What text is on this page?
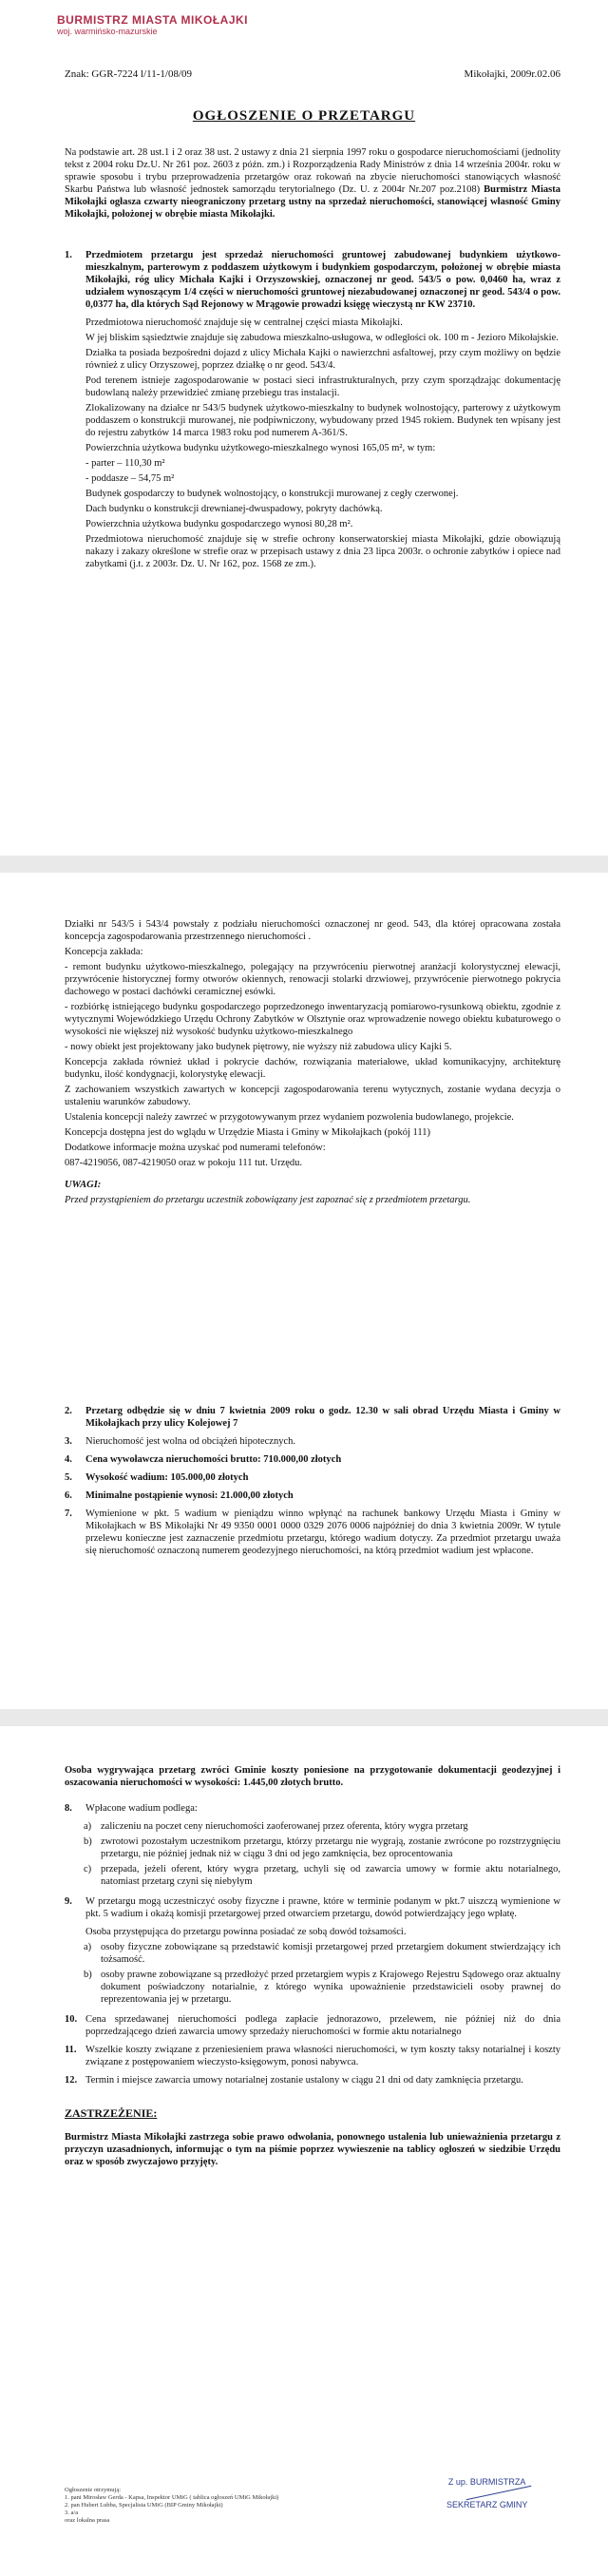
BURMISTRZ MIASTA MIKOŁAJKI
woj. warmińsko-mazurskie
Znak: GGR-7224 l/11-1/08/09	Mikołajki, 2009r.02.06
OGŁOSZENIE O PRZETARGU

Na podstawie art. 28 ust.1 i 2 oraz 38 ust. 2 ustawy z dnia 21 sierpnia 1997 roku o gospodarce nieruchomościami (jednolity tekst z 2004 roku Dz.U. Nr 261 poz. 2603 z późn. zm.) i Rozporządzenia Rady Ministrów z dnia 14 września 2004r. roku w sprawie sposobu i trybu przeprowadzenia przetargów oraz rokowań na zbycie nieruchomości stanowiących własność Skarbu Państwa lub własność jednostek samorządu terytorialnego (Dz. U. z 2004r Nr.207 poz.2108) Burmistrz Miasta Mikołajki ogłasza czwarty nieograniczony przetarg ustny na sprzedaż nieruchomości, stanowiącej własność Gminy Mikołajki, położonej w obrębie miasta Mikołajki.

1.	Przedmiotem przetargu jest sprzedaż nieruchomości gruntowej zabudowanej budynkiem użytkowo-mieszkalnym, parterowym z poddaszem użytkowym i budynkiem gospodarczym, położonej w obrębie miasta Mikołajki, róg ulicy Michała Kajki i Orzyszowskiej, oznaczonej nr geod. 543/5 o pow. 0,0460 ha, wraz z udziałem wynoszącym 1/4 części w nieruchomości gruntowej niezabudowanej oznaczonej nr geod. 543/4 o pow. 0,0377 ha, dla których Sąd Rejonowy w Mrągowie prowadzi księgę wieczystą nr KW 23710.

Przedmiotowa nieruchomość znajduje się w centralnej części miasta Mikołajki.

W jej bliskim sąsiedztwie znajduje się zabudowa mieszkalno-usługowa, w odległości ok. 100 m - Jezioro Mikołajskie.

Działka ta posiada bezpośredni dojazd z ulicy Michała Kajki o nawierzchni asfaltowej, przy czym możliwy on będzie również z ulicy Orzyszowej, poprzez działkę o nr geod. 543/4.

Pod terenem istnieje zagospodarowanie w postaci sieci infrastrukturalnych, przy czym sporządzając dokumentację budowlaną należy przewidzieć zmianę przebiegu tras instalacji.

Zlokalizowany na działce nr 543/5 budynek użytkowo-mieszkalny to budynek wolnostojący, parterowy z użytkowym poddaszem o konstrukcji murowanej, nie podpiwniczony, wybudowany przed 1945 rokiem. Budynek ten wpisany jest do rejestru zabytków 14 marca 1983 roku pod numerem A-361/S.

Powierzchnia użytkowa budynku użytkowego-mieszkalnego wynosi 165,05 m², w tym:

- parter – 110,30 m²

- poddasze – 54,75 m²

Budynek gospodarczy to budynek wolnostojący, o konstrukcji murowanej z cegły czerwonej.

Dach budynku o konstrukcji drewnianej-dwuspadowy, pokryty dachówką.

Powierzchnia użytkowa budynku gospodarczego wynosi 80,28 m².

Przedmiotowa nieruchomość znajduje się w strefie ochrony konserwatorskiej miasta Mikołajki, gdzie obowiązują nakazy i zakazy określone w strefie oraz w przepisach ustawy z dnia 23 lipca 2003r. o ochronie zabytków i opiece nad zabytkami (j.t. z 2003r. Dz. U. Nr 162, poz. 1568 ze zm.).

Działki nr 543/5 i 543/4 powstały z podziału nieruchomości oznaczonej nr geod. 543, dla której opracowana została koncepcja zagospodarowania przestrzennego nieruchomości .

Koncepcja zakłada:

- remont budynku użytkowo-mieszkalnego, polegający na przywróceniu pierwotnej aranżacji kolorystycznej elewacji, przywrócenie historycznej formy otworów okiennych, renowacji stolarki drzwiowej, przywrócenie pierwotnego pokrycia dachowego w postaci dachówki ceramicznej esówki.

- rozbiórkę istniejącego budynku gospodarczego poprzedzonego inwentaryzacją pomiarowo-rysunkową obiektu, zgodnie z wytycznymi Wojewódzkiego Urzędu Ochrony Zabytków w Olsztynie oraz wprowadzenie nowego obiektu kubaturowego o wysokości nie większej niż wysokość budynku użytkowo-mieszkalnego

- nowy obiekt jest projektowany jako budynek piętrowy, nie wyższy niż zabudowa ulicy Kajki 5.

Koncepcja zakłada również układ i pokrycie dachów, rozwiązania materiałowe, układ komunikacyjny, architekturę budynku, ilość kondygnacji, kolorystykę elewacji.

Z zachowaniem wszystkich zawartych w koncepcji zagospodarowania terenu wytycznych, zostanie wydana decyzja o ustaleniu warunków zabudowy.

Ustalenia koncepcji należy zawrzeć w przygotowywanym przez wydaniem pozwolenia budowlanego, projekcie.

Koncepcja dostępna jest do wglądu w Urzędzie Miasta i Gminy w Mikołajkach (pokój 111)

Dodatkowe informacje można uzyskać pod numerami telefonów:

087-4219056, 087-4219050 oraz w pokoju 111 tut. Urzędu.

UWAGI:

Przed przystąpieniem do przetargu uczestnik zobowiązany jest zapoznać się z przedmiotem przetargu.

2.	Przetarg odbędzie się w dniu 7 kwietnia 2009 roku o godz. 12.30 w sali obrad Urzędu Miasta i Gminy w Mikołajkach przy ulicy Kolejowej 7
3.	Nieruchomość jest wolna od obciążeń hipotecznych.
4.	Cena wywoławcza nieruchomości brutto: 710.000,00 złotych
5.	Wysokość wadium: 105.000,00 złotych
6.	Minimalne postąpienie wynosi: 21.000,00 złotych
7.	Wymienione w pkt. 5 wadium w pieniądzu winno wpłynąć na rachunek bankowy Urzędu Miasta i Gminy w Mikołajkach w BS Mikołajki Nr 49 9350 0001 0000 0329 2076 0006 najpóźniej do dnia 3 kwietnia 2009r. W tytule przelewu konieczne jest zaznaczenie przedmiotu przetargu, którego wadium dotyczy. Za przedmiot przetargu uważa się nieruchomość oznaczoną numerem geodezyjnego nieruchomości, na którą przedmiot wadium jest wpłacone.

Osoba wygrywająca przetarg zwróci Gminie koszty poniesione na przygotowanie dokumentacji geodezyjnej i oszacowania nieruchomości w wysokości: 1.445,00 złotych brutto.

8.	Wpłacone wadium podlega:
a) zaliczeniu na poczet ceny nieruchomości zaoferowanej przez oferenta, który wygra przetarg
b) zwrotowi pozostałym uczestnikom przetargu, którzy przetargu nie wygrają, zostanie zwrócone po rozstrzygnięciu przetargu, nie później jednak niż w ciągu 3 dni od jego zamknięcia, bez oprocentowania
c) przepada, jeżeli oferent, który wygra przetarg, uchyli się od zawarcia umowy w formie aktu notarialnego, natomiast przetarg czyni się niebyłym
9.	W przetargu mogą uczestniczyć osoby fizyczne i prawne, które w terminie podanym w pkt.7 uiszczą wymienione w pkt. 5 wadium i okażą komisji przetargowej przed otwarciem przetargu, dowód potwierdzający jego wpłatę.

Osoba przystępująca do przetargu powinna posiadać ze sobą dowód tożsamości.

a) osoby fizyczne zobowiązane są przedstawić komisji przetargowej przed przetargiem dokument stwierdzający ich tożsamość.
b) osoby prawne zobowiązane są przedłożyć przed przetargiem wypis z Krajowego Rejestru Sądowego oraz aktualny dokument poświadczony notarialnie, z którego wynika upoważnienie przedstawicieli osoby prawnej do reprezentowania jej w przetargu.
10. Cena sprzedawanej nieruchomości podlega zapłacie jednorazowo, przelewem, nie później niż do dnia poprzedzającego dzień zawarcia umowy sprzedaży nieruchomości w formie aktu notarialnego
11. Wszelkie koszty związane z przeniesieniem prawa własności nieruchomości, w tym koszty taksy notarialnej i koszty związane z postępowaniem wieczysto-księgowym, ponosi nabywca.
12. Termin i miejsce zawarcia umowy notarialnej zostanie ustalony w ciągu 21 dni od daty zamknięcia przetargu.

ZASTRZEŻENIE:

Burmistrz Miasta Mikołajki zastrzega sobie prawo odwołania, ponownego ustalenia lub unieważnienia przetargu z przyczyn uzasadnionych, informując o tym na piśmie poprzez wywieszenie na tablicy ogłoszeń w siedzibie Urzędu oraz w sposób zwyczajowo przyjęty.

Ogłoszenie otrzymują:
1. pani Mirosław Gerda - Kapsa, Inspektor UMiG ( tablica ogłoszeń UMiG Mikołajki)
2. pan Hubert Lubba, Specjalista UMiG (BIP Gminy Mikołajki)
3. a/a
oraz lokalna prasa
Z up. BURMISTRZA
SEKRETARZ GMINY
